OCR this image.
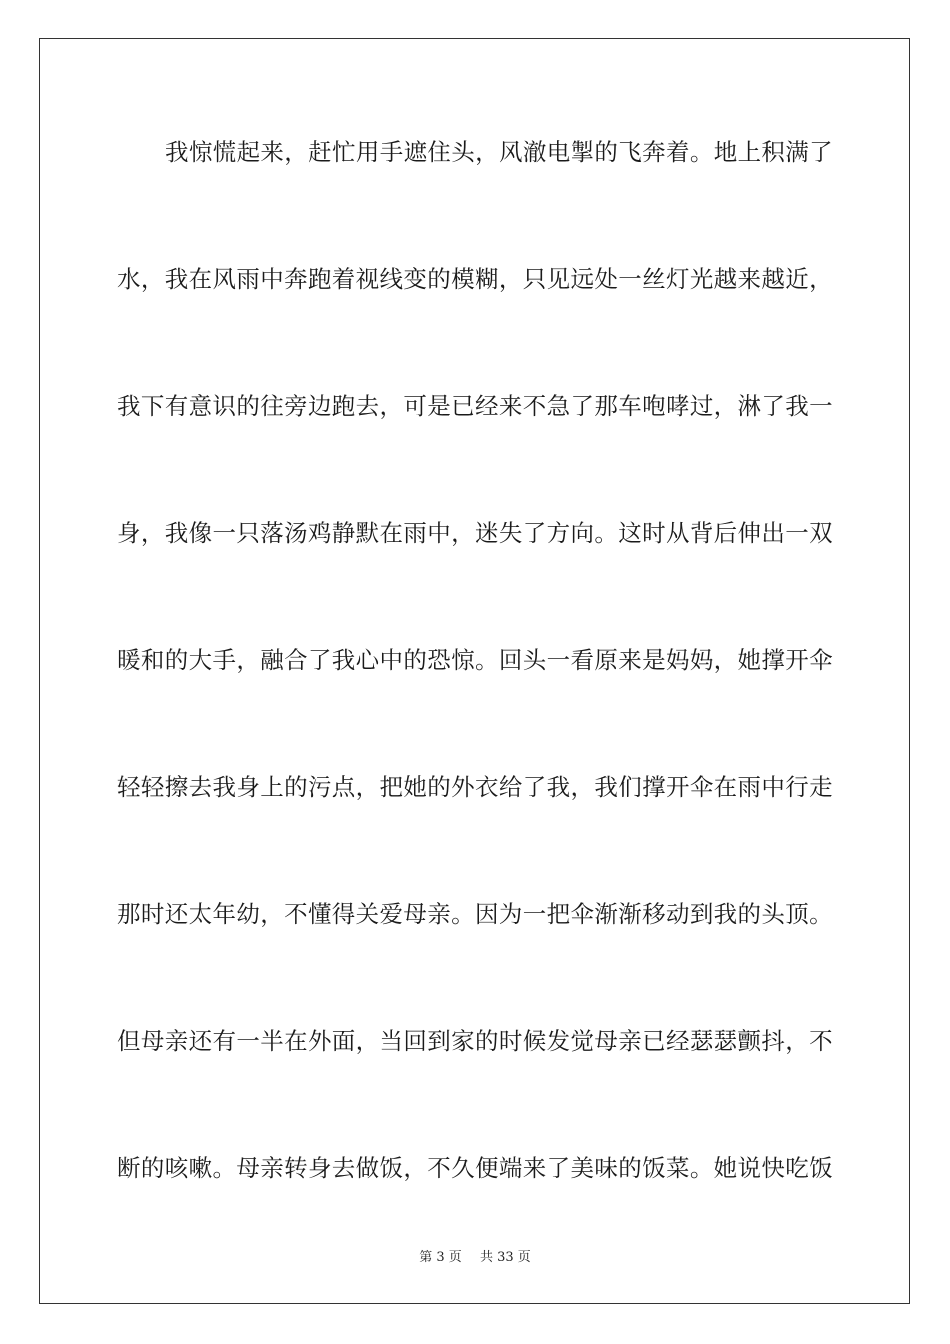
我惊慌起来，赶忙用手遮住头，风澈电掣的飞奔着。地上积满了
水，我在风雨中奔跑着视线变的模糊，只见远处一丝灯光越来越近，
我下有意识的往旁边跑去，可是已经来不急了那车咆哮过，淋了我一
身，我像一只落汤鸡静默在雨中，迷失了方向。这时从背后伸出一双
暖和的大手，融合了我心中的恐惊。回头一看原来是妈妈，她撑开伞
轻轻擦去我身上的污点，把她的外衣给了我，我们撑开伞在雨中行走
那时还太年幼，不懂得关爱母亲。因为一把伞渐渐移动到我的头顶。
但母亲还有一半在外面，当回到家的时候发觉母亲已经瑟瑟颤抖，不
断的咳嗽。母亲转身去做饭，不久便端来了美味的饭菜。她说快吃饭
第 3 页 共 33 页
